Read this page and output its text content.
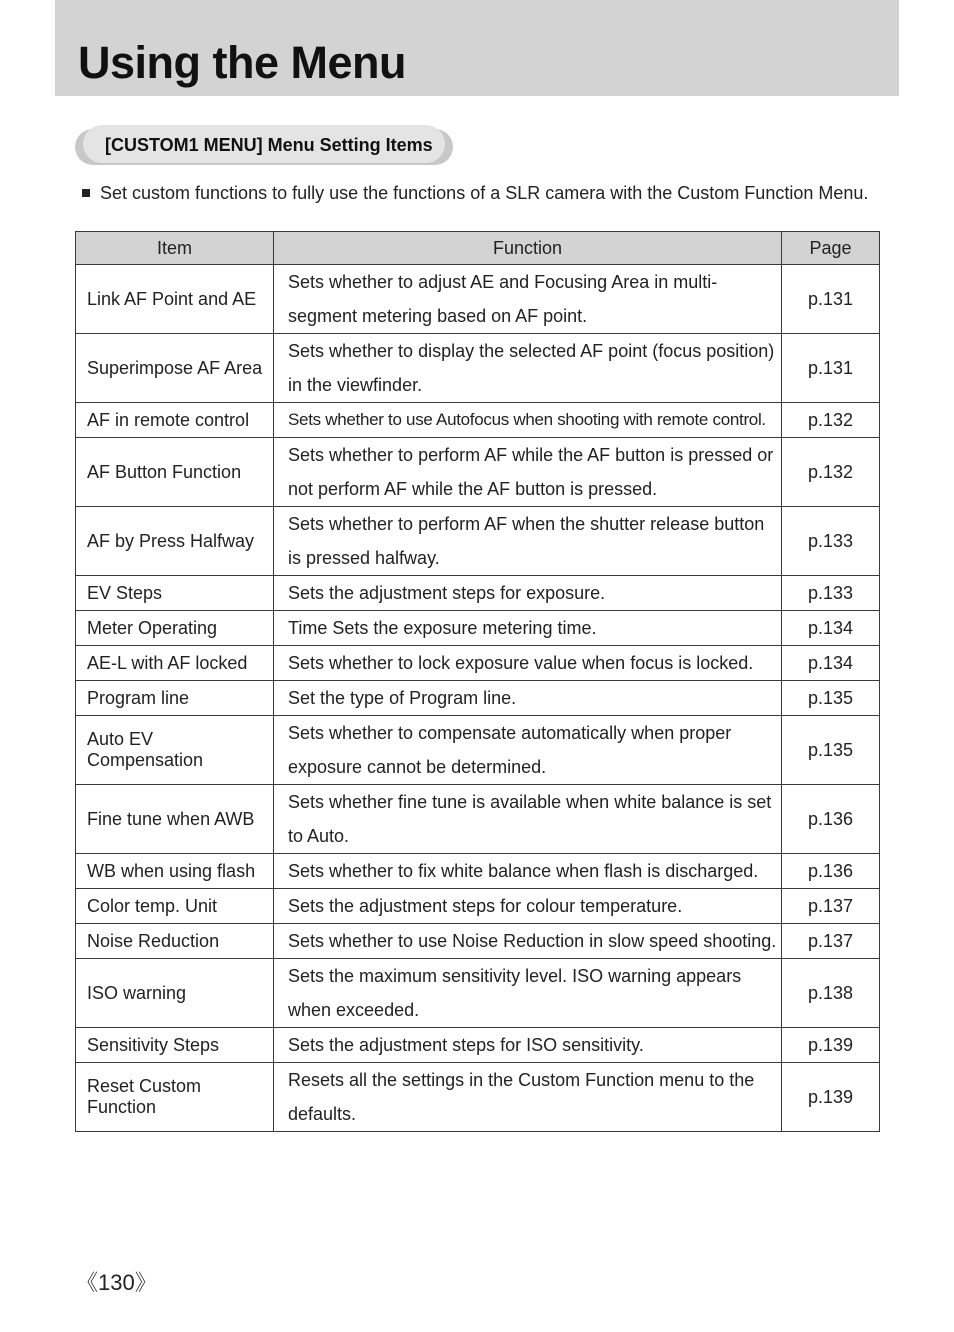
Using the Menu
[CUSTOM1 MENU] Menu Setting Items
Set custom functions to fully use the functions of a SLR camera with the Custom Function Menu.
Item	Function	Page
Link AF Point and AE	Sets whether to adjust AE and Focusing Area in multi-segment metering based on AF point.	p.131
Superimpose AF Area	Sets whether to display the selected AF point (focus position) in the viewfinder.	p.131
AF in remote control	Sets whether to use Autofocus when shooting with remote control.	p.132
AF Button Function	Sets whether to perform AF while the AF button is pressed or not perform AF while the AF button is pressed.	p.132
AF by Press Halfway	Sets whether to perform AF when the shutter release button is pressed halfway.	p.133
EV Steps	Sets the adjustment steps for exposure.	p.133
Meter Operating	Time Sets the exposure metering time.	p.134
AE-L with AF locked	Sets whether to lock exposure value when focus is locked.	p.134
Program line	Set the type of Program line.	p.135
Auto EV Compensation	Sets whether to compensate automatically when proper exposure cannot be determined.	p.135
Fine tune when AWB	Sets whether fine tune is available when white balance is set to Auto.	p.136
WB when using flash	Sets whether to fix white balance when flash is discharged.	p.136
Color temp. Unit	Sets the adjustment steps for colour temperature.	p.137
Noise Reduction	Sets whether to use Noise Reduction in slow speed shooting.	p.137
ISO warning	Sets the maximum sensitivity level. ISO warning appears when exceeded.	p.138
Sensitivity Steps	Sets the adjustment steps for ISO sensitivity.	p.139
Reset Custom Function	Resets all the settings in the Custom Function menu to the defaults.	p.139
《130》
